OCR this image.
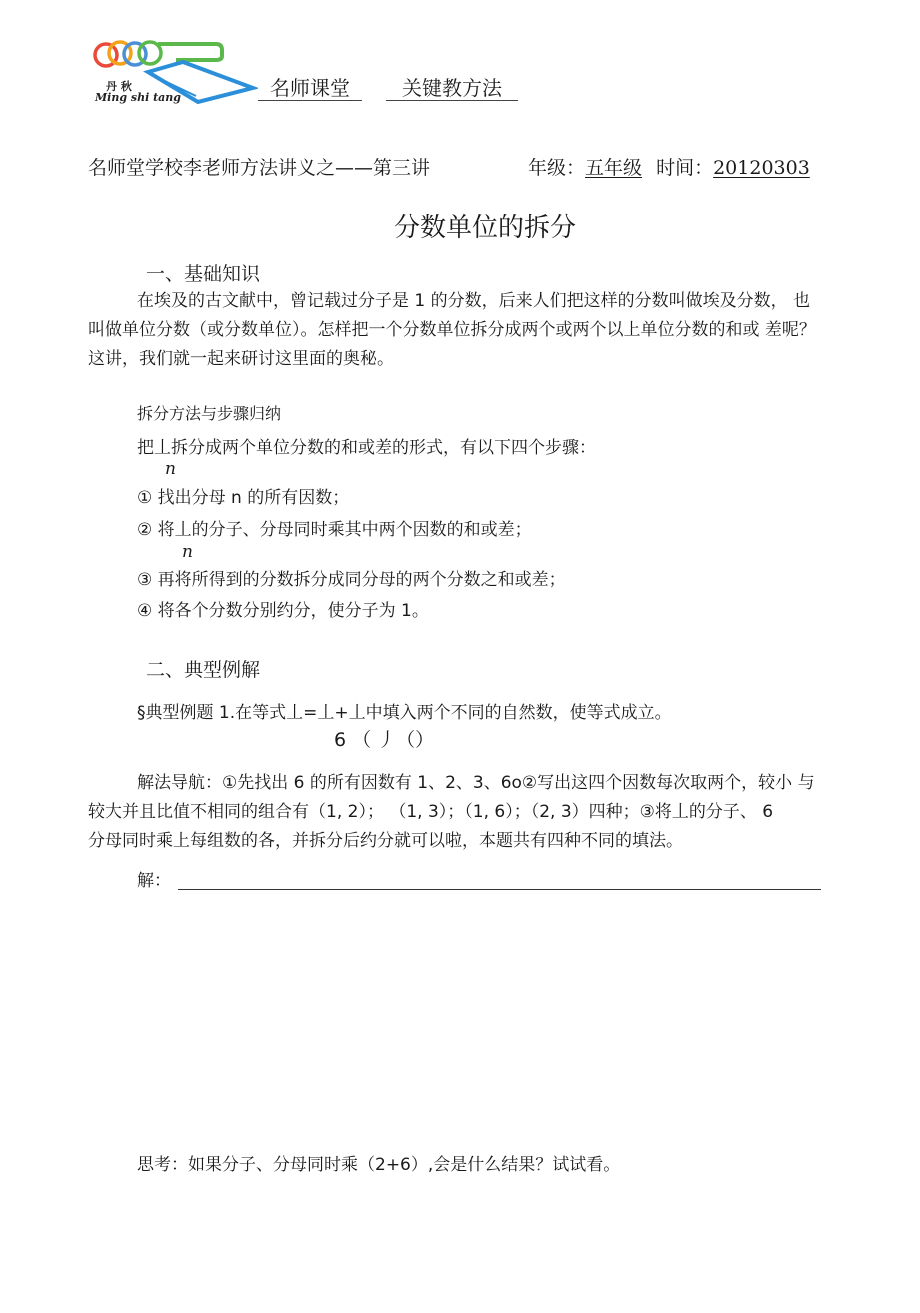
丹 秋
Ming shi tang	名师课堂	关键教方法
名师堂学校李老师方法讲义之——第三讲	年级：五年级 时间：20120303
分数单位的拆分
一、基础知识
在埃及的古文献中，曾记载过分子是 1 的分数，后来人们把这样的分数叫做埃及分数， 也
叫做单位分数（或分数单位）。怎样把一个分数单位拆分成两个或两个以上单位分数的和或 差呢？
这讲，我们就一起来研讨这里面的奥秘。
拆分方法与步骤归纳
把丄拆分成两个单位分数的和或差的形式，有以下四个步骤：
n
① 找出分母 n 的所有因数；
② 将丄的分子、分母同时乘其中两个因数的和或差；
n
③ 再将所得到的分数拆分成同分母的两个分数之和或差；
④ 将各个分数分别约分，使分子为 1。
二、典型例解
§典型例题 1.在等式丄=丄+丄中填入两个不同的自然数，使等式成立。
6 （ 丿（）
解法导航：①先找出 6 的所有因数有 1、2、3、6o②写出这四个因数每次取两个，较小 与
较大并且比值不相同的组合有（1, 2）； （1, 3）；（1, 6）；（2, 3）四种；③将丄的分子、 6
分母同时乘上每组数的各，并拆分后约分就可以啦，本题共有四种不同的填法。
解：
思考：如果分子、分母同时乘（2+6）,会是什么结果？试试看。
